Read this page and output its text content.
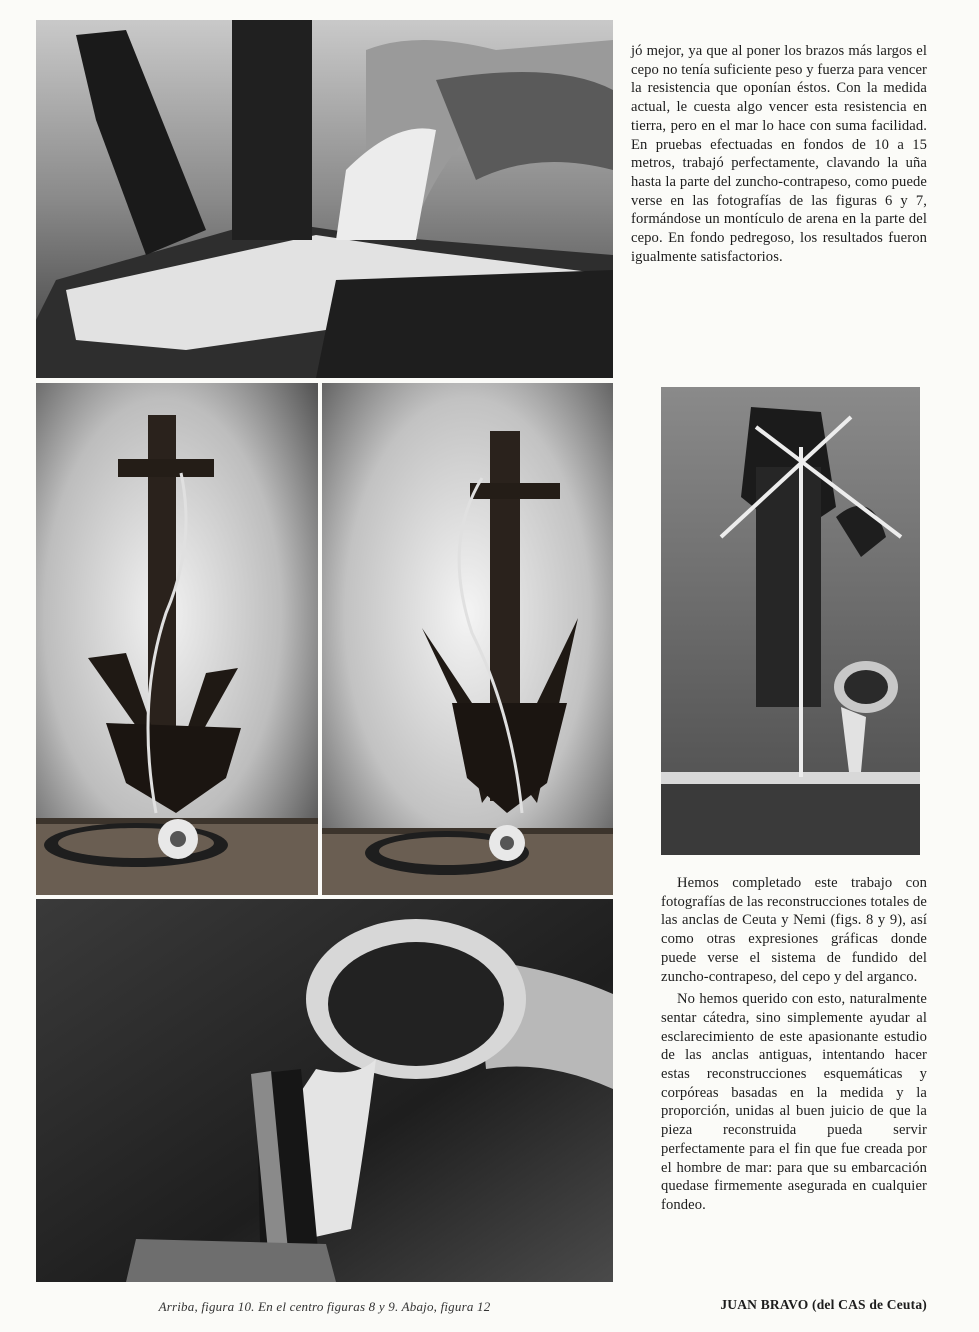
jó mejor, ya que al poner los brazos más largos el cepo no tenía suficiente peso y fuerza para vencer la resistencia que oponían éstos. Con la medida actual, le cuesta algo vencer esta resistencia en tierra, pero en el mar lo hace con suma facilidad. En pruebas efectuadas en fondos de 10 a 15 metros, trabajó perfectamente, clavando la uña hasta la parte del zuncho-contrapeso, como puede verse en las fotografías de las figuras 6 y 7, formándose un montículo de arena en la parte del cepo. En fondo pedregoso, los resultados fueron igualmente satisfactorios.

Hemos completado este trabajo con fotografías de las reconstrucciones totales de las anclas de Ceuta y Nemi (figs. 8 y 9), así como otras expresiones gráficas donde puede verse el sistema de fundido del zuncho-contrapeso, del cepo y del arganco.

No hemos querido con esto, naturalmente sentar cátedra, sino simplemente ayudar al esclarecimiento de este apasionante estudio de las anclas antiguas, intentando hacer estas reconstrucciones esquemáticas y corpóreas basadas en la medida y la proporción, unidas al buen juicio de que la pieza reconstruida pueda servir perfectamente para el fin que fue creada por el hombre de mar: para que su embarcación quedase firmemente asegurada en cualquier fondeo.

Arriba, figura 10. En el centro figuras 8 y 9. Abajo, figura 12	JUAN BRAVO (del CAS de Ceuta)
